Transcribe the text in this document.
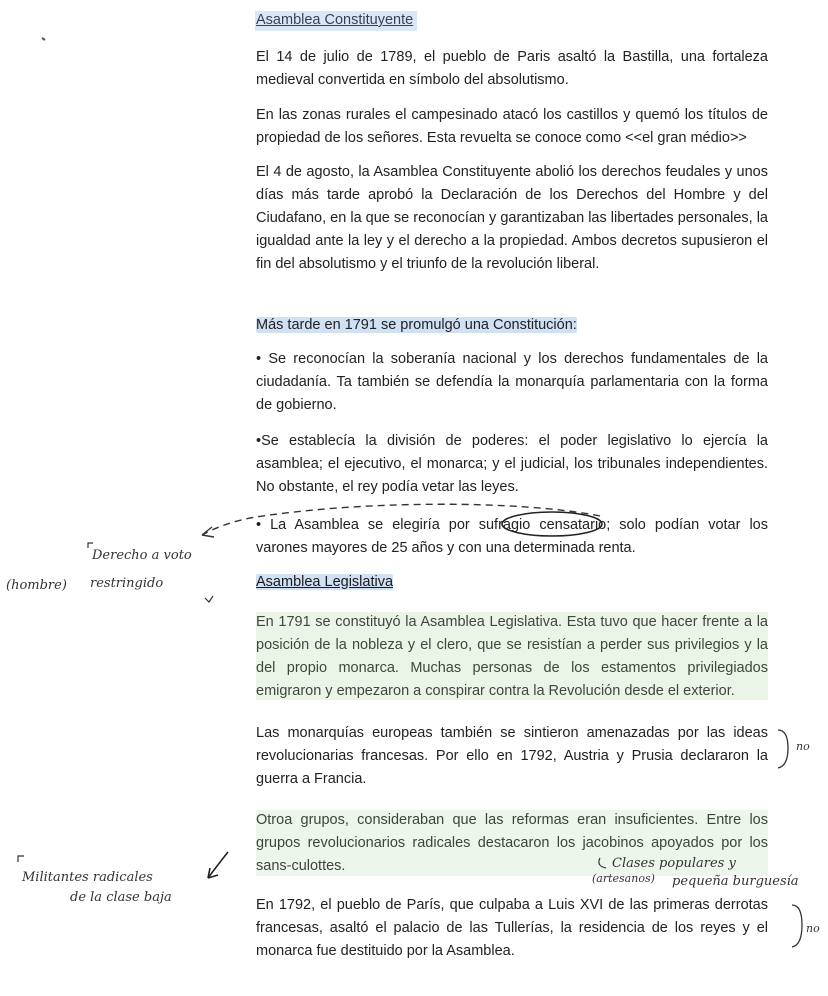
Asamblea Constituyente
El 14 de julio de 1789, el pueblo de Paris asaltó la Bastilla, una fortaleza medieval convertida en símbolo del absolutismo.
En las zonas rurales el campesinado atacó los castillos y quemó los títulos de propiedad de los señores. Esta revuelta se conoce como <<el gran médio>>
El 4 de agosto, la Asamblea Constituyente abolió los derechos feudales y unos días más tarde aprobó la Declaración de los Derechos del Hombre y del Ciudafano, en la que se reconocían y garantizaban las libertades personales, la igualdad ante la ley y el derecho a la propiedad. Ambos decretos supusieron el fin del absolutismo y el triunfo de la revolución liberal.
Más tarde en 1791 se promulgó una Constitución:
• Se reconocían la soberanía nacional y los derechos fundamentales de la ciudadanía. Ta también se defendía la monarquía parlamentaria con la forma de gobierno.
•Se establecía la división de poderes: el poder legislativo lo ejercía la asamblea; el ejecutivo, el monarca; y el judicial, los tribunales independientes. No obstante, el rey podía vetar las leyes.
• La Asamblea se elegiría por sufragio censatario; solo podían votar los varones mayores de 25 años y con una determinada renta.
Asamblea Legislativa
En 1791 se constituyó la Asamblea Legislativa. Esta tuvo que hacer frente a la posición de la nobleza y el clero, que se resistían a perder sus privilegios y la del propio monarca. Muchas personas de los estamentos privilegiados emigraron y empezaron a conspirar contra la Revolución desde el exterior.
Las monarquías europeas también se sintieron amenazadas por las ideas revolucionarias francesas. Por ello en 1792, Austria y Prusia declararon la guerra a Francia.
Otroa grupos, consideraban que las reformas eran insuficientes. Entre los grupos revolucionarios radicales destacaron los jacobinos apoyados por los sans-culottes.
En 1792, el pueblo de París, que culpaba a Luis XVI de las primeras derrotas francesas, asaltó el palacio de las Tullerías, la residencia de los reyes y el monarca fue destituido por la Asamblea.
Derecho a voto
(hombre) restringido
Militantes radicales
de la clase baja
Clases populares y
(artesanos) pequeña burguesía
no
no
